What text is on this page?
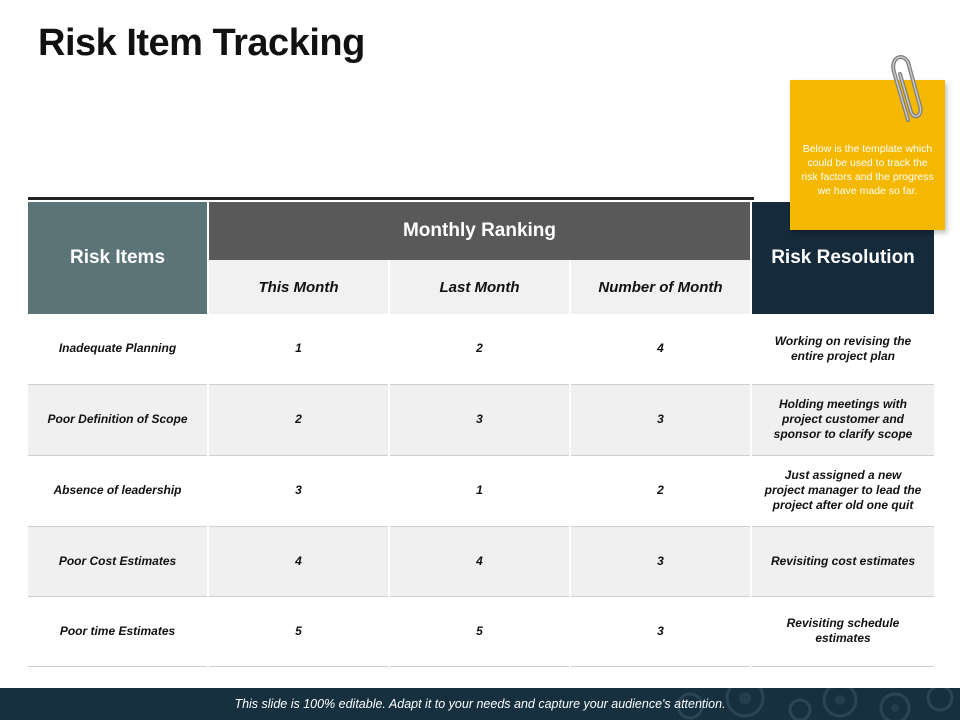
Risk Item Tracking
Risk Items	Monthly Ranking			Risk Resolution
	This Month	Last Month	Number of Month	
Inadequate Planning	1	2	4	Working on revising the entire project plan
Poor Definition of Scope	2	3	3	Holding meetings with project customer and sponsor to clarify scope
Absence of leadership	3	1	2	Just assigned a new project manager to lead the project after old one quit
Poor Cost Estimates	4	4	3	Revisiting cost estimates
Poor time Estimates	5	5	3	Revisiting schedule estimates
Below is the template which could be used to track the risk factors and the progress we have made so far.
This slide is 100% editable. Adapt it to your needs and capture your audience's attention.
